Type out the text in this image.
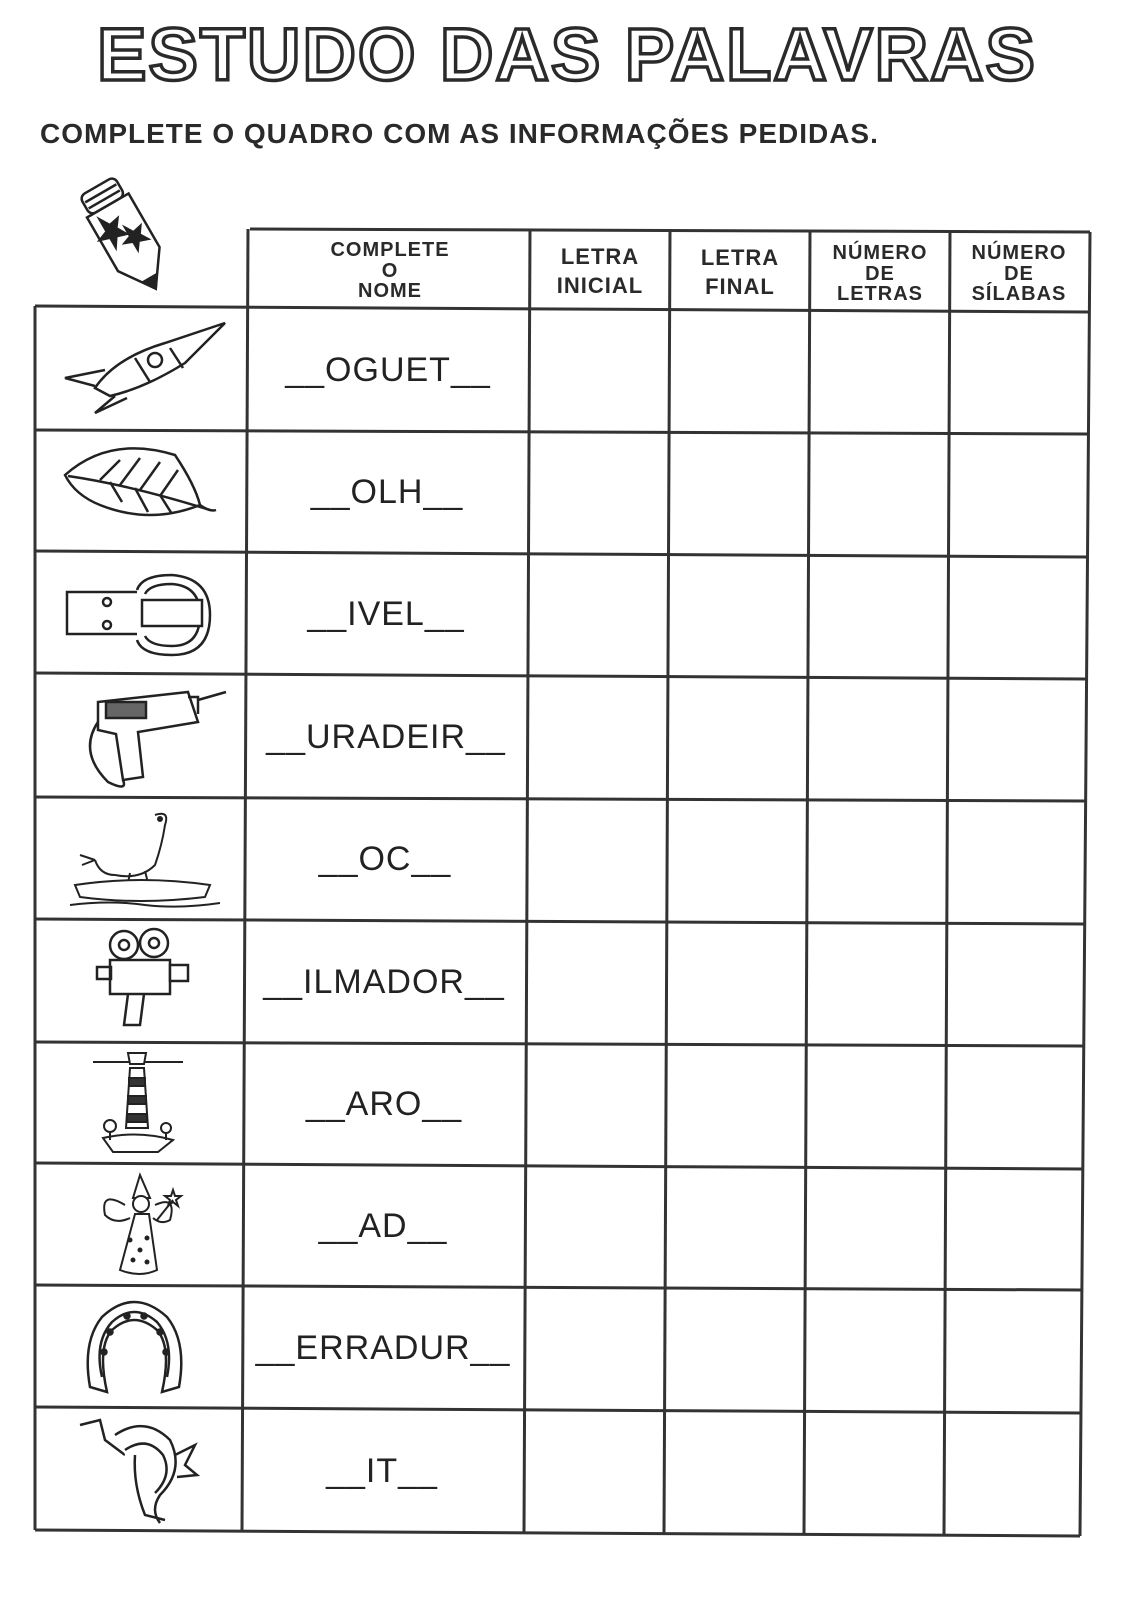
ESTUDO DAS PALAVRAS
COMPLETE O QUADRO COM AS INFORMAÇÕES PEDIDAS.
COMPLETE
O
NOME
LETRA
INICIAL
LETRA
FINAL
NÚMERO
DE
LETRAS
NÚMERO
DE
SÍLABAS
__OGUET__
__OLH__
__IVEL__
__URADEIR__
__OC__
__ILMADOR__
__ARO__
__AD__
__ERRADUR__
__IT__
